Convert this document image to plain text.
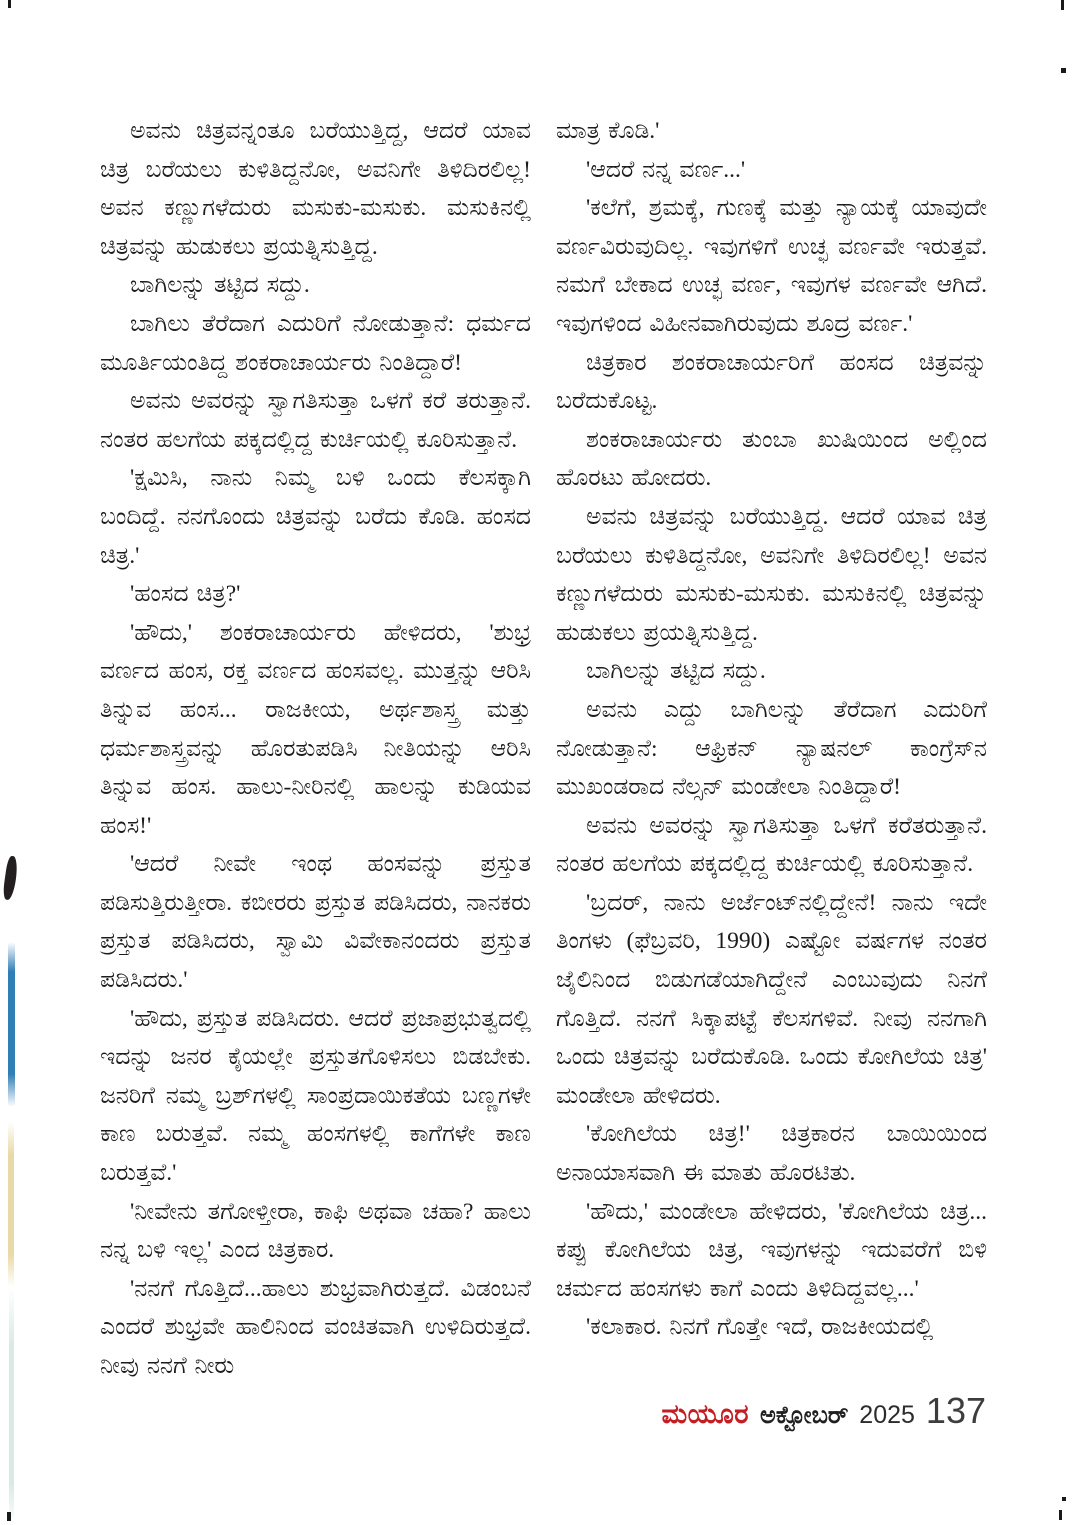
ಅವನು ಚಿತ್ರವನ್ನಂತೂ ಬರೆಯುತ್ತಿದ್ದ, ಆದರೆ ಯಾವ ಚಿತ್ರ ಬರೆಯಲು ಕುಳಿತಿದ್ದನೋ, ಅವನಿಗೇ ತಿಳಿದಿರಲಿಲ್ಲ! ಅವನ ಕಣ್ಣುಗಳೆದುರು ಮಸುಕು-ಮಸುಕು. ಮಸುಕಿನಲ್ಲಿ ಚಿತ್ರವನ್ನು ಹುಡುಕಲು ಪ್ರಯತ್ನಿಸುತ್ತಿದ್ದ.

ಬಾಗಿಲನ್ನು ತಟ್ಟಿದ ಸದ್ದು.

ಬಾಗಿಲು ತೆರೆದಾಗ ಎದುರಿಗೆ ನೋಡುತ್ತಾನೆ: ಧರ್ಮದ ಮೂರ್ತಿಯಂತಿದ್ದ ಶಂಕರಾಚಾರ್ಯರು ನಿಂತಿದ್ದಾರೆ!

ಅವನು ಅವರನ್ನು ಸ್ವಾಗತಿಸುತ್ತಾ ಒಳಗೆ ಕರೆ ತರುತ್ತಾನೆ. ನಂತರ ಹಲಗೆಯ ಪಕ್ಕದಲ್ಲಿದ್ದ ಕುರ್ಚಿಯಲ್ಲಿ ಕೂರಿಸುತ್ತಾನೆ.

'ಕ್ಷಮಿಸಿ, ನಾನು ನಿಮ್ಮ ಬಳಿ ಒಂದು ಕೆಲಸಕ್ಕಾಗಿ ಬಂದಿದ್ದೆ. ನನಗೊಂದು ಚಿತ್ರವನ್ನು ಬರೆದು ಕೊಡಿ. ಹಂಸದ ಚಿತ್ರ.'

'ಹಂಸದ ಚಿತ್ರ?'

'ಹೌದು,' ಶಂಕರಾಚಾರ್ಯರು ಹೇಳಿದರು, 'ಶುಭ್ರ ವರ್ಣದ ಹಂಸ, ರಕ್ತ ವರ್ಣದ ಹಂಸವಲ್ಲ. ಮುತ್ತನ್ನು ಆರಿಸಿ ತಿನ್ನುವ ಹಂಸ... ರಾಜಕೀಯ, ಅರ್ಥಶಾಸ್ತ್ರ ಮತ್ತು ಧರ್ಮಶಾಸ್ತ್ರವನ್ನು ಹೊರತುಪಡಿಸಿ ನೀತಿಯನ್ನು ಆರಿಸಿ ತಿನ್ನುವ ಹಂಸ. ಹಾಲು-ನೀರಿನಲ್ಲಿ ಹಾಲನ್ನು ಕುಡಿಯವ ಹಂಸ!'

'ಆದರೆ ನೀವೇ ಇಂಥ ಹಂಸವನ್ನು ಪ್ರಸ್ತುತ ಪಡಿಸುತ್ತಿರುತ್ತೀರಾ. ಕಬೀರರು ಪ್ರಸ್ತುತ ಪಡಿಸಿದರು, ನಾನಕರು ಪ್ರಸ್ತುತ ಪಡಿಸಿದರು, ಸ್ವಾಮಿ ವಿವೇಕಾನಂದರು ಪ್ರಸ್ತುತ ಪಡಿಸಿದರು.'

'ಹೌದು, ಪ್ರಸ್ತುತ ಪಡಿಸಿದರು. ಆದರೆ ಪ್ರಜಾಪ್ರಭುತ್ವದಲ್ಲಿ ಇದನ್ನು ಜನರ ಕೈಯಲ್ಲೇ ಪ್ರಸ್ತುತಗೊಳಿಸಲು ಬಿಡಬೇಕು. ಜನರಿಗೆ ನಮ್ಮ ಬ್ರಶ್‌ಗಳಲ್ಲಿ ಸಾಂಪ್ರದಾಯಿಕತೆಯ ಬಣ್ಣಗಳೇ ಕಾಣ ಬರುತ್ತವೆ. ನಮ್ಮ ಹಂಸಗಳಲ್ಲಿ ಕಾಗೆಗಳೇ ಕಾಣ ಬರುತ್ತವೆ.'

'ನೀವೇನು ತಗೋಳ್ತೀರಾ, ಕಾಫಿ ಅಥವಾ ಚಹಾ? ಹಾಲು ನನ್ನ ಬಳಿ ಇಲ್ಲ' ಎಂದ ಚಿತ್ರಕಾರ.

'ನನಗೆ ಗೊತ್ತಿದೆ...ಹಾಲು ಶುಭ್ರವಾಗಿರುತ್ತದೆ. ವಿಡಂಬನೆ ಎಂದರೆ ಶುಭ್ರವೇ ಹಾಲಿನಿಂದ ವಂಚಿತವಾಗಿ ಉಳಿದಿರುತ್ತದೆ. ನೀವು ನನಗೆ ನೀರು

ಮಾತ್ರ ಕೊಡಿ.'

'ಆದರೆ ನನ್ನ ವರ್ಣ...'

'ಕಲೆಗೆ, ಶ್ರಮಕ್ಕೆ, ಗುಣಕ್ಕೆ ಮತ್ತು ನ್ಯಾಯಕ್ಕೆ ಯಾವುದೇ ವರ್ಣವಿರುವುದಿಲ್ಲ. ಇವುಗಳಿಗೆ ಉಚ್ಛ ವರ್ಣವೇ ಇರುತ್ತವೆ. ನಮಗೆ ಬೇಕಾದ ಉಚ್ಛ ವರ್ಣ, ಇವುಗಳ ವರ್ಣವೇ ಆಗಿದೆ. ಇವುಗಳಿಂದ ವಿಹೀನವಾಗಿರುವುದು ಶೂದ್ರ ವರ್ಣ.'

ಚಿತ್ರಕಾರ ಶಂಕರಾಚಾರ್ಯರಿಗೆ ಹಂಸದ ಚಿತ್ರವನ್ನು ಬರೆದುಕೊಟ್ಟ.

ಶಂಕರಾಚಾರ್ಯರು ತುಂಬಾ ಖುಷಿಯಿಂದ ಅಲ್ಲಿಂದ ಹೊರಟು ಹೋದರು.

ಅವನು ಚಿತ್ರವನ್ನು ಬರೆಯುತ್ತಿದ್ದ. ಆದರೆ ಯಾವ ಚಿತ್ರ ಬರೆಯಲು ಕುಳಿತಿದ್ದನೋ, ಅವನಿಗೇ ತಿಳಿದಿರಲಿಲ್ಲ! ಅವನ ಕಣ್ಣುಗಳೆದುರು ಮಸುಕು-ಮಸುಕು. ಮಸುಕಿನಲ್ಲಿ ಚಿತ್ರವನ್ನು ಹುಡುಕಲು ಪ್ರಯತ್ನಿಸುತ್ತಿದ್ದ.

ಬಾಗಿಲನ್ನು ತಟ್ಟಿದ ಸದ್ದು.

ಅವನು ಎದ್ದು ಬಾಗಿಲನ್ನು ತೆರೆದಾಗ ಎದುರಿಗೆ ನೋಡುತ್ತಾನೆ: ಆಫ್ರಿಕನ್ ನ್ಯಾಷನಲ್ ಕಾಂಗ್ರೆಸ್‌ನ ಮುಖಂಡರಾದ ನೆಲ್ಸನ್ ಮಂಡೇಲಾ ನಿಂತಿದ್ದಾರೆ!

ಅವನು ಅವರನ್ನು ಸ್ವಾಗತಿಸುತ್ತಾ ಒಳಗೆ ಕರೆತರುತ್ತಾನೆ. ನಂತರ ಹಲಗೆಯ ಪಕ್ಕದಲ್ಲಿದ್ದ ಕುರ್ಚಿಯಲ್ಲಿ ಕೂರಿಸುತ್ತಾನೆ.

'ಬ್ರದರ್, ನಾನು ಅರ್ಜೆಂಟ್‌ನಲ್ಲಿದ್ದೇನೆ! ನಾನು ಇದೇ ತಿಂಗಳು (ಫೆಬ್ರವರಿ, 1990) ಎಷ್ಟೋ ವರ್ಷಗಳ ನಂತರ ಜೈಲಿನಿಂದ ಬಿಡುಗಡೆಯಾಗಿದ್ದೇನೆ ಎಂಬುವುದು ನಿನಗೆ ಗೊತ್ತಿದೆ. ನನಗೆ ಸಿಕ್ಕಾಪಟ್ಟೆ ಕೆಲಸಗಳಿವೆ. ನೀವು ನನಗಾಗಿ ಒಂದು ಚಿತ್ರವನ್ನು ಬರೆದುಕೊಡಿ. ಒಂದು ಕೋಗಿಲೆಯ ಚಿತ್ರ' ಮಂಡೇಲಾ ಹೇಳಿದರು.

'ಕೋಗಿಲೆಯ ಚಿತ್ರ!' ಚಿತ್ರಕಾರನ ಬಾಯಿಯಿಂದ ಅನಾಯಾಸವಾಗಿ ಈ ಮಾತು ಹೊರಟಿತು.

'ಹೌದು,' ಮಂಡೇಲಾ ಹೇಳಿದರು, 'ಕೋಗಿಲೆಯ ಚಿತ್ರ... ಕಪ್ಪು ಕೋಗಿಲೆಯ ಚಿತ್ರ, ಇವುಗಳನ್ನು ಇದುವರೆಗೆ ಬಿಳಿ ಚರ್ಮದ ಹಂಸಗಳು ಕಾಗೆ ಎಂದು ತಿಳಿದಿದ್ದವಲ್ಲ...'

'ಕಲಾಕಾರ. ನಿನಗೆ ಗೊತ್ತೇ ಇದೆ, ರಾಜಕೀಯದಲ್ಲಿ

ಮಯೂರ ಅಕ್ಟೋಬರ್ 2025 137
